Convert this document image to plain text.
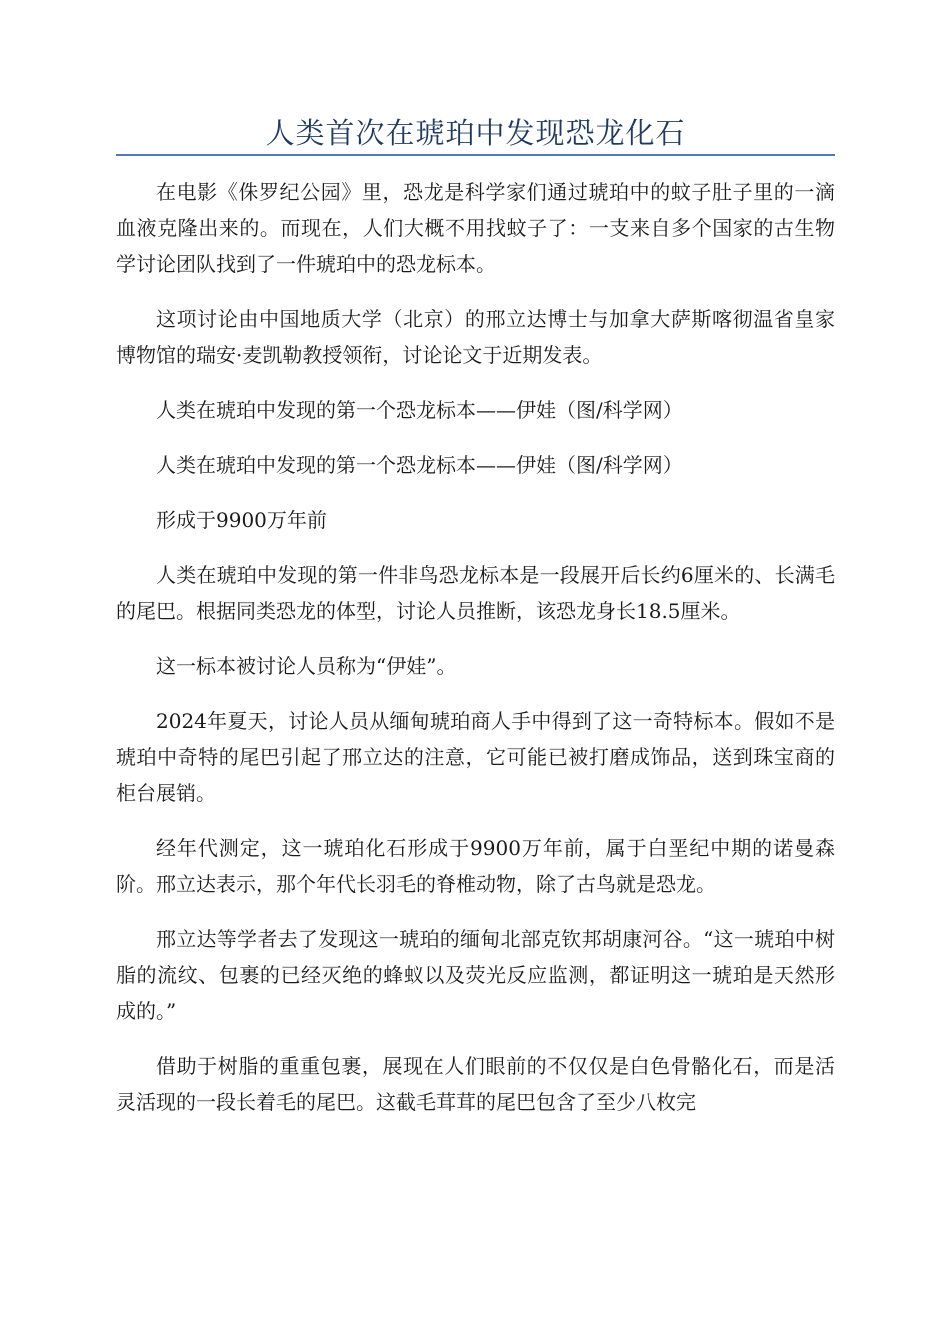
人类首次在琥珀中发现恐龙化石

在电影《侏罗纪公园》里，恐龙是科学家们通过琥珀中的蚊子肚子里的一滴血液克隆出来的。而现在，人们大概不用找蚊子了：一支来自多个国家的古生物学讨论团队找到了一件琥珀中的恐龙标本。

这项讨论由中国地质大学（北京）的邢立达博士与加拿大萨斯喀彻温省皇家博物馆的瑞安·麦凯勒教授领衔，讨论论文于近期发表。

人类在琥珀中发现的第一个恐龙标本——伊娃（图/科学网）

人类在琥珀中发现的第一个恐龙标本——伊娃（图/科学网）

形成于9900万年前

人类在琥珀中发现的第一件非鸟恐龙标本是一段展开后长约6厘米的、长满毛的尾巴。根据同类恐龙的体型，讨论人员推断，该恐龙身长18.5厘米。

这一标本被讨论人员称为“伊娃”。

2024年夏天，讨论人员从缅甸琥珀商人手中得到了这一奇特标本。假如不是琥珀中奇特的尾巴引起了邢立达的注意，它可能已被打磨成饰品，送到珠宝商的柜台展销。

经年代测定，这一琥珀化石形成于9900万年前，属于白垩纪中期的诺曼森阶。邢立达表示，那个年代长羽毛的脊椎动物，除了古鸟就是恐龙。

邢立达等学者去了发现这一琥珀的缅甸北部克钦邦胡康河谷。“这一琥珀中树脂的流纹、包裹的已经灭绝的蜂蚁以及荧光反应监测，都证明这一琥珀是天然形成的。”

借助于树脂的重重包裹，展现在人们眼前的不仅仅是白色骨骼化石，而是活灵活现的一段长着毛的尾巴。这截毛茸茸的尾巴包含了至少八枚完
